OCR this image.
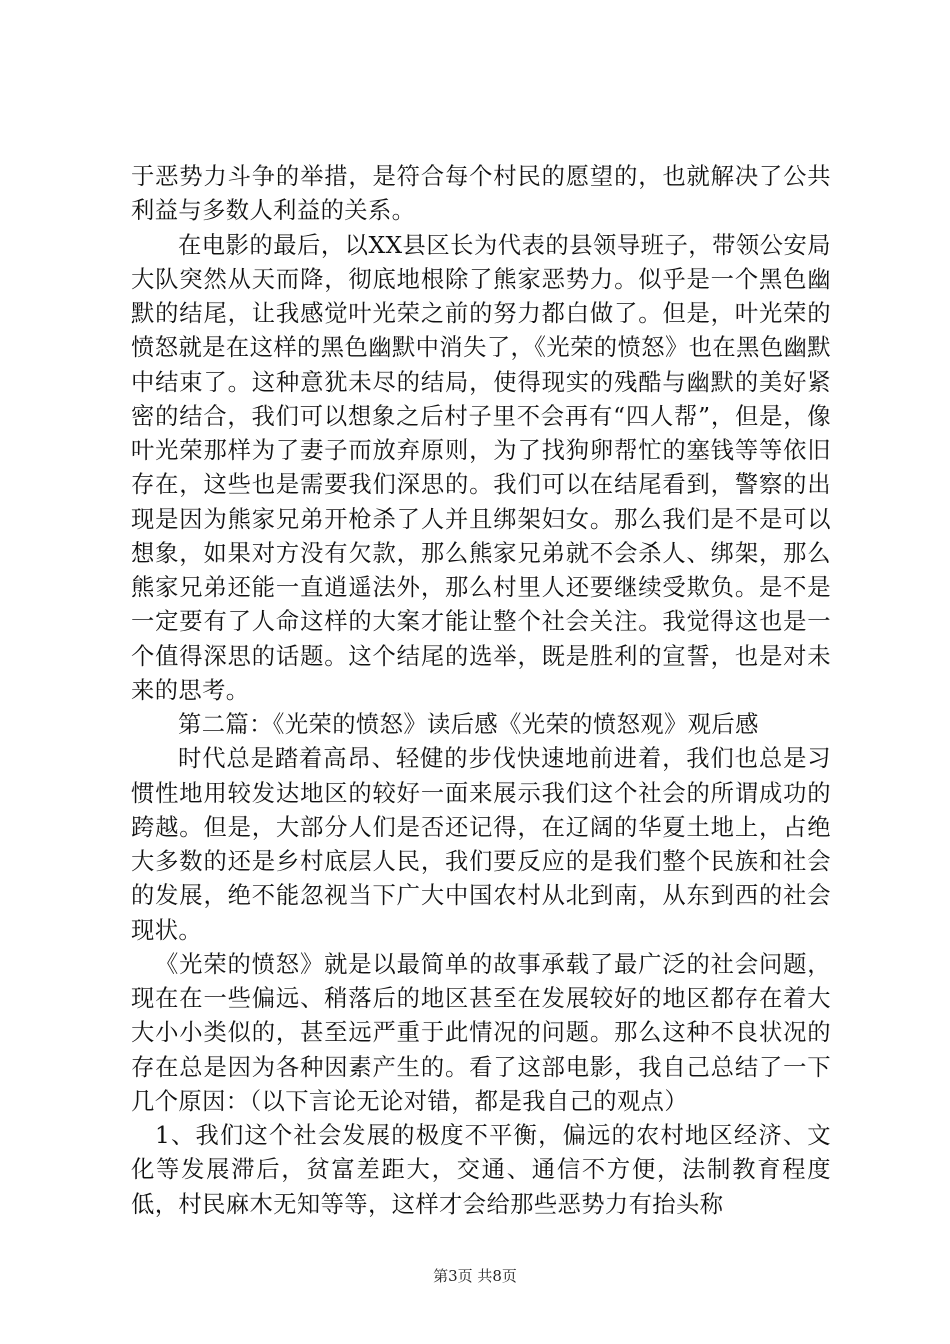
于恶势力斗争的举措，是符合每个村民的愿望的，也就解决了公共利益与多数人利益的关系。

在电影的最后，以XX县区长为代表的县领导班子，带领公安局大队突然从天而降，彻底地根除了熊家恶势力。似乎是一个黑色幽默的结尾，让我感觉叶光荣之前的努力都白做了。但是，叶光荣的愤怒就是在这样的黑色幽默中消失了，《光荣的愤怒》也在黑色幽默中结束了。这种意犹未尽的结局，使得现实的残酷与幽默的美好紧密的结合，我们可以想象之后村子里不会再有“四人帮”，但是，像叶光荣那样为了妻子而放弃原则，为了找狗卵帮忙的塞钱等等依旧存在，这些也是需要我们深思的。我们可以在结尾看到，警察的出现是因为熊家兄弟开枪杀了人并且绑架妇女。那么我们是不是可以想象，如果对方没有欠款，那么熊家兄弟就不会杀人、绑架，那么熊家兄弟还能一直逍遥法外，那么村里人还要继续受欺负。是不是一定要有了人命这样的大案才能让整个社会关注。我觉得这也是一个值得深思的话题。这个结尾的选举，既是胜利的宣誓，也是对未来的思考。

第二篇：《光荣的愤怒》读后感《光荣的愤怒观》观后感

时代总是踏着高昂、轻健的步伐快速地前进着，我们也总是习惯性地用较发达地区的较好一面来展示我们这个社会的所谓成功的跨越。但是，大部分人们是否还记得，在辽阔的华夏土地上，占绝大多数的还是乡村底层人民，我们要反应的是我们整个民族和社会的发展，绝不能忽视当下广大中国农村从北到南，从东到西的社会现状。

《光荣的愤怒》就是以最简单的故事承载了最广泛的社会问题，现在在一些偏远、稍落后的地区甚至在发展较好的地区都存在着大大小小类似的，甚至远严重于此情况的问题。那么这种不良状况的存在总是因为各种因素产生的。看了这部电影，我自己总结了一下几个原因：（以下言论无论对错，都是我自己的观点）

1、我们这个社会发展的极度不平衡，偏远的农村地区经济、文化等发展滞后，贫富差距大，交通、通信不方便，法制教育程度低，村民麻木无知等等，这样才会给那些恶势力有抬头称

第3页 共8页
